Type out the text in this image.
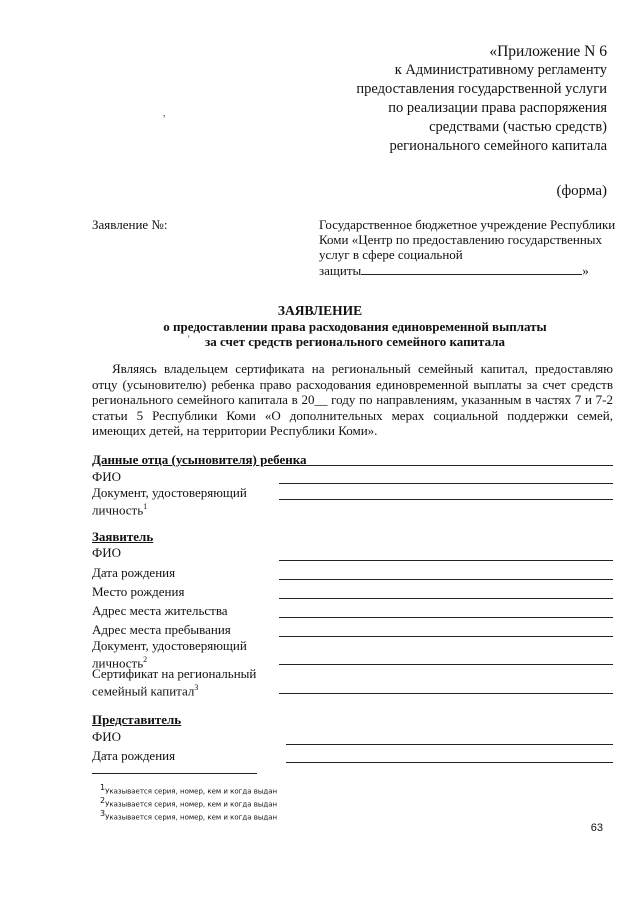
«Приложение N 6
к Административному регламенту
предоставления государственной услуги
по реализации права распоряжения
средствами (частью средств)
регионального семейного капитала
,
(форма)
Заявление №:	Государственное бюджетное учреждение Республики
Коми «Центр по предоставлению государственных
услуг в сфере социальной
защиты	»
ЗАЯВЛЕНИЕ
о предоставлении права расходования единовременной выплаты
за счет средств регионального семейного капитала
'
Являясь владельцем сертификата на региональный семейный капитал, предоставляю отцу (усыновителю) ребенка право расходования единовременной выплаты за счет средств регионального семейного капитала в 20__ году по направлениям, указанным в частях 7 и 7-2 статьи 5 Республики Коми «О дополнительных мерах социальной поддержки семей, имеющих детей, на территории Республики Коми».
Данные отца (усыновителя) ребенка
ФИО
Документ, удостоверяющий личность$^1$
Заявитель
ФИО
Дата рождения
Место рождения
Адрес места жительства
Адрес места пребывания
Документ, удостоверяющий личность$^2$
Сертификат на региональный семейный капитал$^3$
Представитель
ФИО
Дата рождения
$^1$Указывается серия, номер, кем и когда выдан
$^2$Указывается серия, номер, кем и когда выдан
$^3$Указывается серия, номер, кем и когда выдан
63
